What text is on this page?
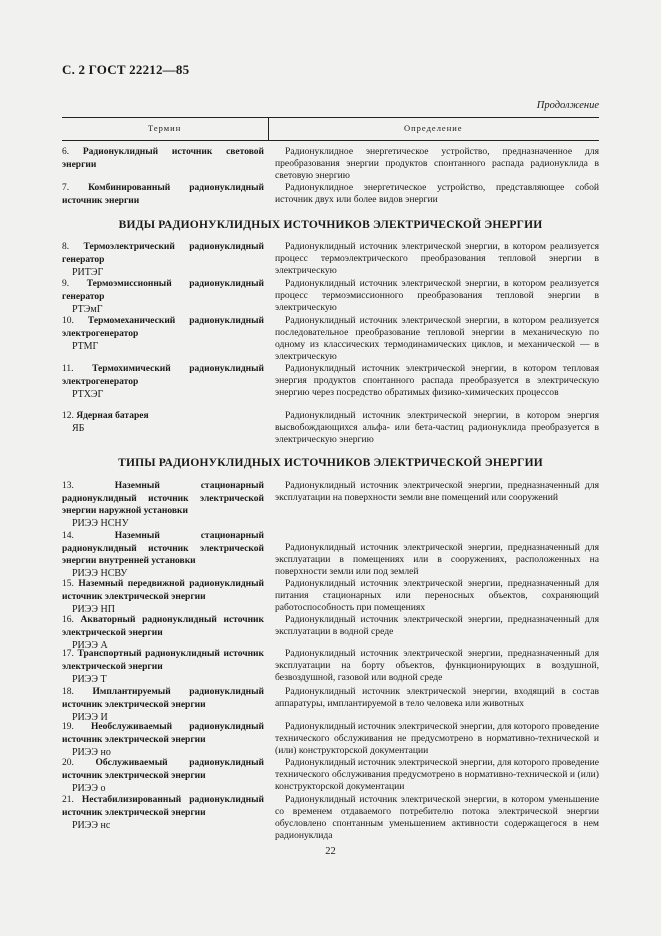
С. 2 ГОСТ 22212—85
Продолжение
Термин	Определение
6. Радионуклидный источник световой энергии
Радионуклидное энергетическое устройство, предназначенное для преобразования энергии продуктов спонтанного распада радионуклида в световую энергию
7. Комбинированный радионуклидный источник энергии
Радионуклидное энергетическое устройство, представляющее собой источник двух или более видов энергии
ВИДЫ РАДИОНУКЛИДНЫХ ИСТОЧНИКОВ ЭЛЕКТРИЧЕСКОЙ ЭНЕРГИИ
8. Термоэлектрический радионуклидный генератор
РИТЭГ
Радионуклидный источник электрической энергии, в котором реализуется процесс термоэлектрического преобразования тепловой энергии в электрическую
9. Термоэмиссионный радионуклидный генератор
РТЭмГ
Радионуклидный источник электрической энергии, в котором реализуется процесс термоэмиссионного преобразования тепловой энергии в электрическую
10. Термомеханический радионуклидный электрогенератор
РТМГ
Радионуклидный источник электрической энергии, в котором реализуется последовательное преобразование тепловой энергии в механическую по одному из классических термодинамических циклов, и механической — в электрическую
11. Термохимический радионуклидный электрогенератор
РТХЭГ
Радионуклидный источник электрической энергии, в котором тепловая энергия продуктов спонтанного распада преобразуется в электрическую энергию через посредство обратимых физико-химических процессов
12. Ядерная батарея
ЯБ
Радионуклидный источник электрической энергии, в котором энергия высвобождающихся альфа- или бета-частиц радионуклида преобразуется в электрическую энергию
ТИПЫ РАДИОНУКЛИДНЫХ ИСТОЧНИКОВ ЭЛЕКТРИЧЕСКОЙ ЭНЕРГИИ
13.	Наземный стационарный радионуклидный источник электрической энергии наружной установки
РИЭЭ НСНУ
Радионуклидный источник электрической энергии, предназначенный для эксплуатации на поверхности земли вне помещений или сооружений
14.	Наземный стационарный радионуклидный источник электрической энергии внутренней установки
РИЭЭ НСВУ
Радионуклидный источник электрической энергии, предназначенный для эксплуатации в помещениях или в сооружениях, расположенных на поверхности земли или под землей
15. Наземный передвижной радионуклидный источник электрической энергии
РИЭЭ НП
Радионуклидный источник электрической энергии, предназначенный для питания стационарных или переносных объектов, сохраняющий работоспособность при помещениях
16. Акваторный радионуклидный источник электрической энергии
РИЭЭ А
Радионуклидный источник электрической энергии, предназначенный для эксплуатации в водной среде
17. Транспортный радионуклидный источник электрической энергии
РИЭЭ Т
Радионуклидный источник электрической энергии, предназначенный для эксплуатации на борту объектов, функционирующих в воздушной, безвоздушной, газовой или водной среде
18. Имплантируемый радионуклидный источник электрической энергии
РИЭЭ И
Радионуклидный источник электрической энергии, входящий в состав аппаратуры, имплантируемой в тело человека или животных
19. Необслуживаемый радионуклидный источник электрической энергии
РИЭЭ но
Радионуклидный источник электрической энергии, для которого проведение технического обслуживания не предусмотрено в нормативно-технической и (или) конструкторской документации
20. Обслуживаемый радионуклидный источник электрической энергии
РИЭЭ о
Радионуклидный источник электрической энергии, для которого проведение технического обслуживания предусмотрено в нормативно-технической и (или) конструкторской документации
21. Нестабилизированный радионуклидный источник электрической энергии
РИЭЭ нс
Радионуклидный источник электрической энергии, в котором уменьшение со временем отдаваемого потребителю потока электрической энергии обусловлено спонтанным уменьшением активности содержащегося в нем радионуклида
22
